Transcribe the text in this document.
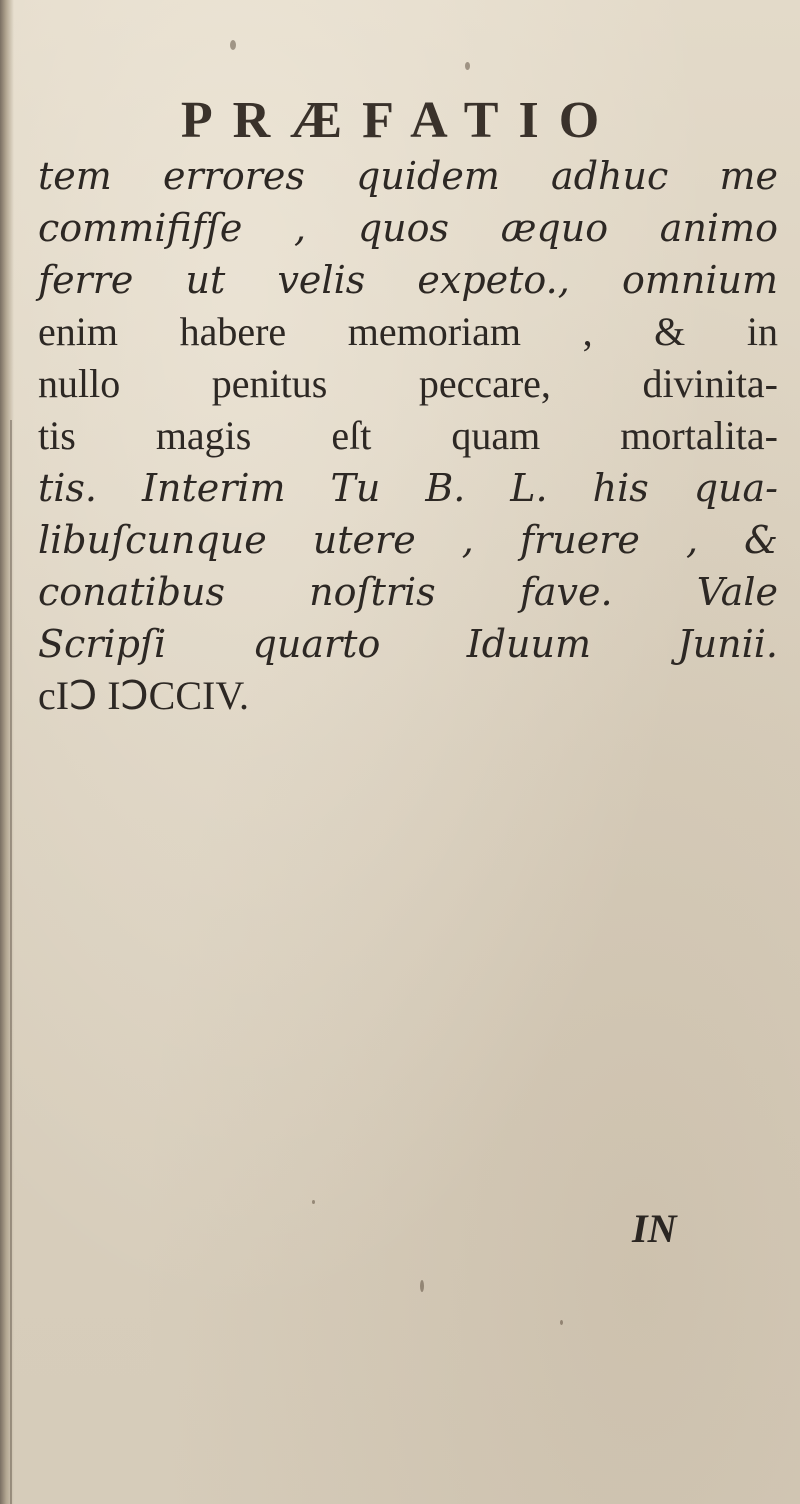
PRÆFATIO
tem errores quidem adhuc me
commififſe , quos æquo animo
ferre ut velis expeto., omnium
enim habere memoriam , & in
nullo penitus peccare, divinita-
tis magis eſt quam mortalita-
tis. Interim Tu B. L. his qua-
libuſcunque utere , fruere , &
conatibus noſtris fave. Vale
Scripſi quarto Iduum Junii.
cIↃ IↃCCIV.
IN
